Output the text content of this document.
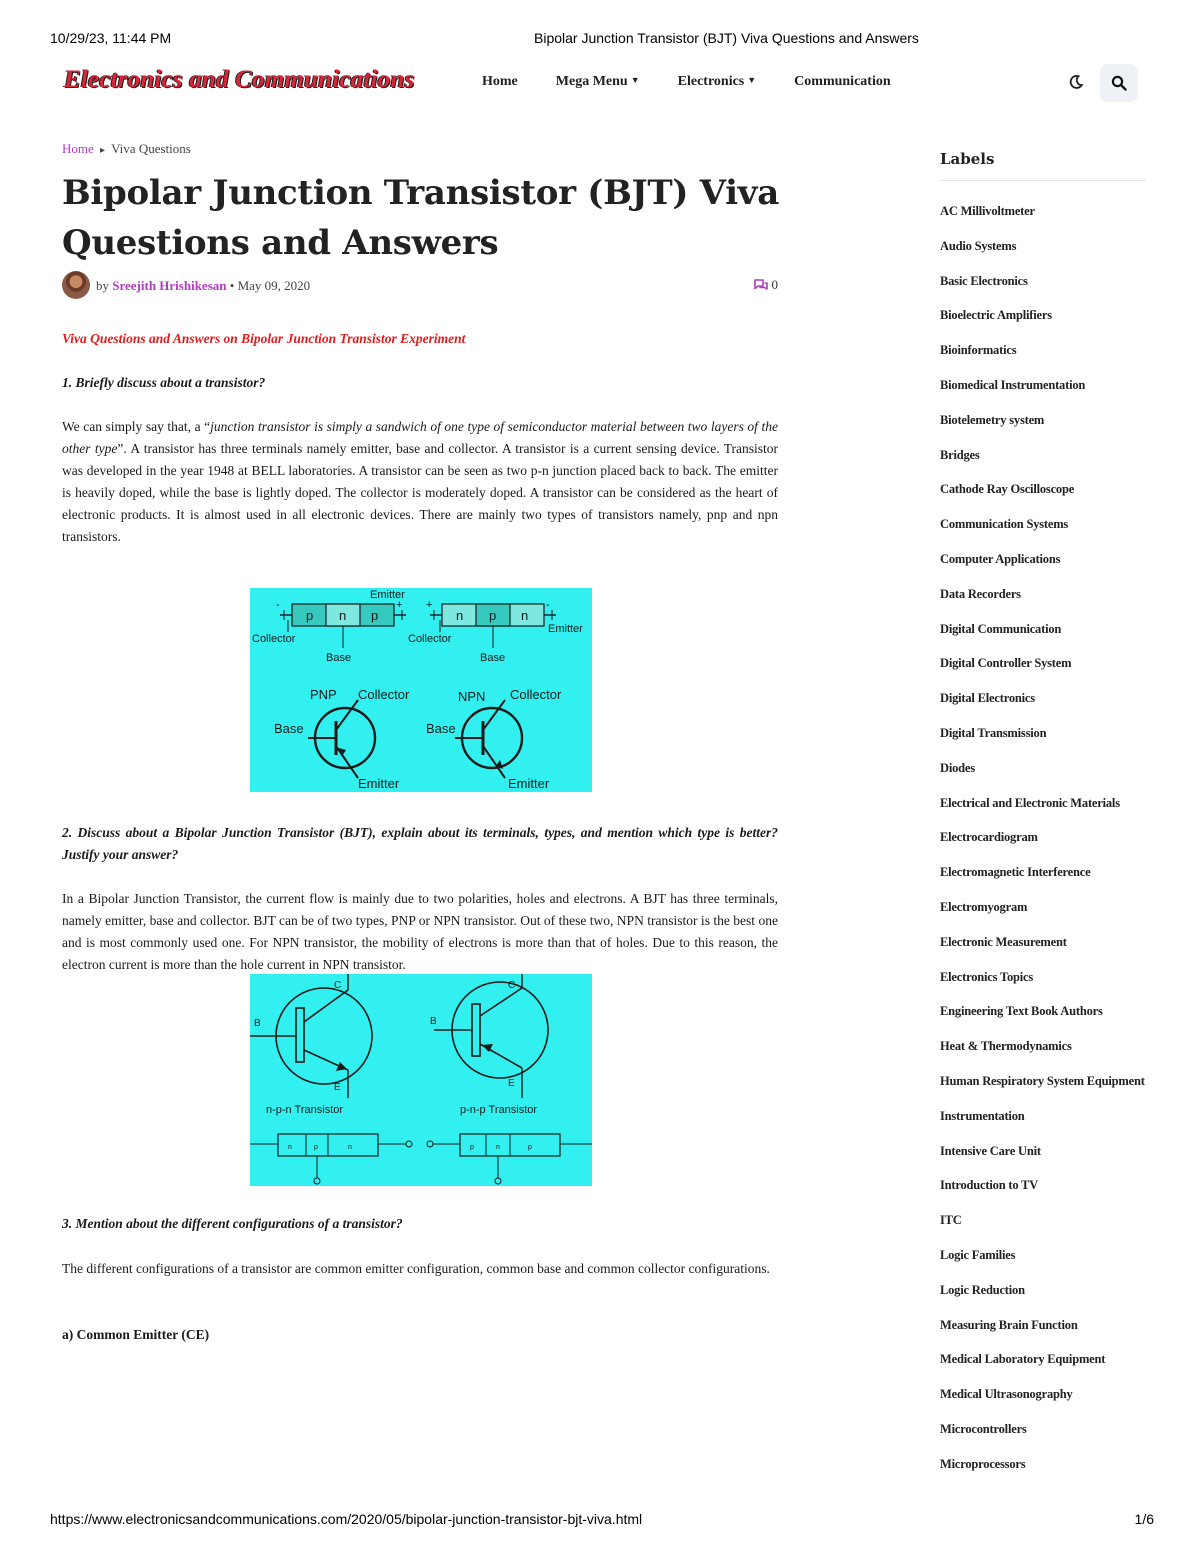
10/29/23, 11:44 PM	Bipolar Junction Transistor (BJT) Viva Questions and Answers
Electronics and Communications	Home	Mega Menu ▼	Electronics ▼	Communication
Home ▸ Viva Questions
Bipolar Junction Transistor (BJT) Viva Questions and Answers
by Sreejith Hrishikesan • May 09, 2020	0
Viva Questions and Answers on Bipolar Junction Transistor Experiment
1. Briefly discuss about a transistor?
We can simply say that, a “junction transistor is simply a sandwich of one type of semiconductor material between two layers of the other type”. A transistor has three terminals namely emitter, base and collector. A transistor is a current sensing device. Transistor was developed in the year 1948 at BELL laboratories. A transistor can be seen as two p-n junction placed back to back. The emitter is heavily doped, while the base is lightly doped. The collector is moderately doped. A transistor can be considered as the heart of electronic products. It is almost used in all electronic devices. There are mainly two types of transistors namely, pnp and npn transistors.
p n p
-	+
Emitter
Collector
Base
n p n
+	-
Emitter
Collector
Base
PNP Collector
Base
Emitter
NPN Collector
Base
Emitter
2. Discuss about a Bipolar Junction Transistor (BJT), explain about its terminals, types, and mention which type is better? Justify your answer?
In a Bipolar Junction Transistor, the current flow is mainly due to two polarities, holes and electrons. A BJT has three terminals, namely emitter, base and collector. BJT can be of two types, PNP or NPN transistor. Out of these two, NPN transistor is the best one and is most commonly used one. For NPN transistor, the mobility of electrons is more than that of holes. Due to this reason, the electron current is more than the hole current in NPN transistor.
C
B
E
n-p-n Transistor
C
B
E
p-n-p Transistor
n	p	n	p	n	p
3. Mention about the different configurations of a transistor?
The different configurations of a transistor are common emitter configuration, common base and common collector configurations.
a) Common Emitter (CE)
Labels
AC Millivoltmeter
Audio Systems
Basic Electronics
Bioelectric Amplifiers
Bioinformatics
Biomedical Instrumentation
Biotelemetry system
Bridges
Cathode Ray Oscilloscope
Communication Systems
Computer Applications
Data Recorders
Digital Communication
Digital Controller System
Digital Electronics
Digital Transmission
Diodes
Electrical and Electronic Materials
Electrocardiogram
Electromagnetic Interference
Electromyogram
Electronic Measurement
Electronics Topics
Engineering Text Book Authors
Heat & Thermodynamics
Human Respiratory System Equipment
Instrumentation
Intensive Care Unit
Introduction to TV
ITC
Logic Families
Logic Reduction
Measuring Brain Function
Medical Laboratory Equipment
Medical Ultrasonography
Microcontrollers
Microprocessors
https://www.electronicsandcommunications.com/2020/05/bipolar-junction-transistor-bjt-viva.html	1/6
